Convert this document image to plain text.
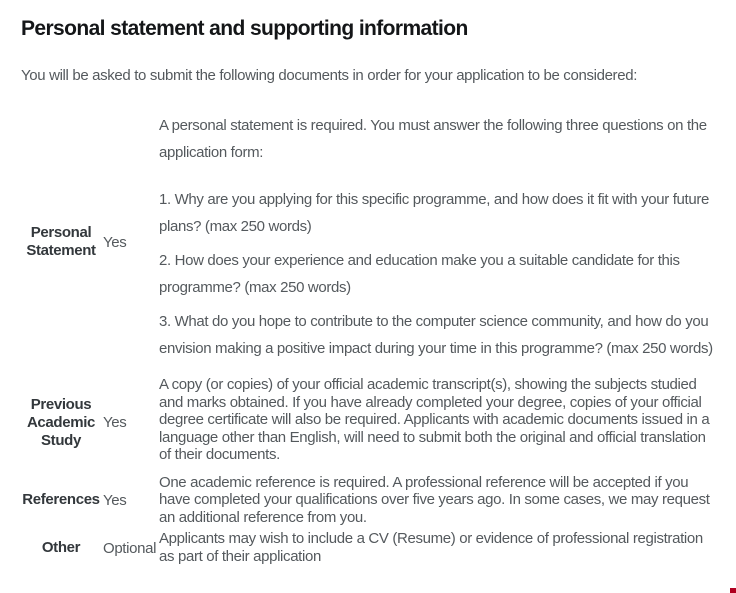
Personal statement and supporting information

You will be asked to submit the following documents in order for your application to be considered:

Personal Statement	Yes	A personal statement is required. You must answer the following three questions on the application form:

1. Why are you applying for this specific programme, and how does it fit with your future plans? (max 250 words)

2. How does your experience and education make you a suitable candidate for this programme? (max 250 words)

3. What do you hope to contribute to the computer science community, and how do you envision making a positive impact during your time in this programme? (max 250 words)

Previous Academic Study	Yes	A copy (or copies) of your official academic transcript(s), showing the subjects studied and marks obtained. If you have already completed your degree, copies of your official degree certificate will also be required. Applicants with academic documents issued in a language other than English, will need to submit both the original and official translation of their documents.
References	Yes	One academic reference is required. A professional reference will be accepted if you have completed your qualifications over five years ago. In some cases, we may request an additional reference from you.
Other	Optional	Applicants may wish to include a CV (Resume) or evidence of professional registration as part of their application
